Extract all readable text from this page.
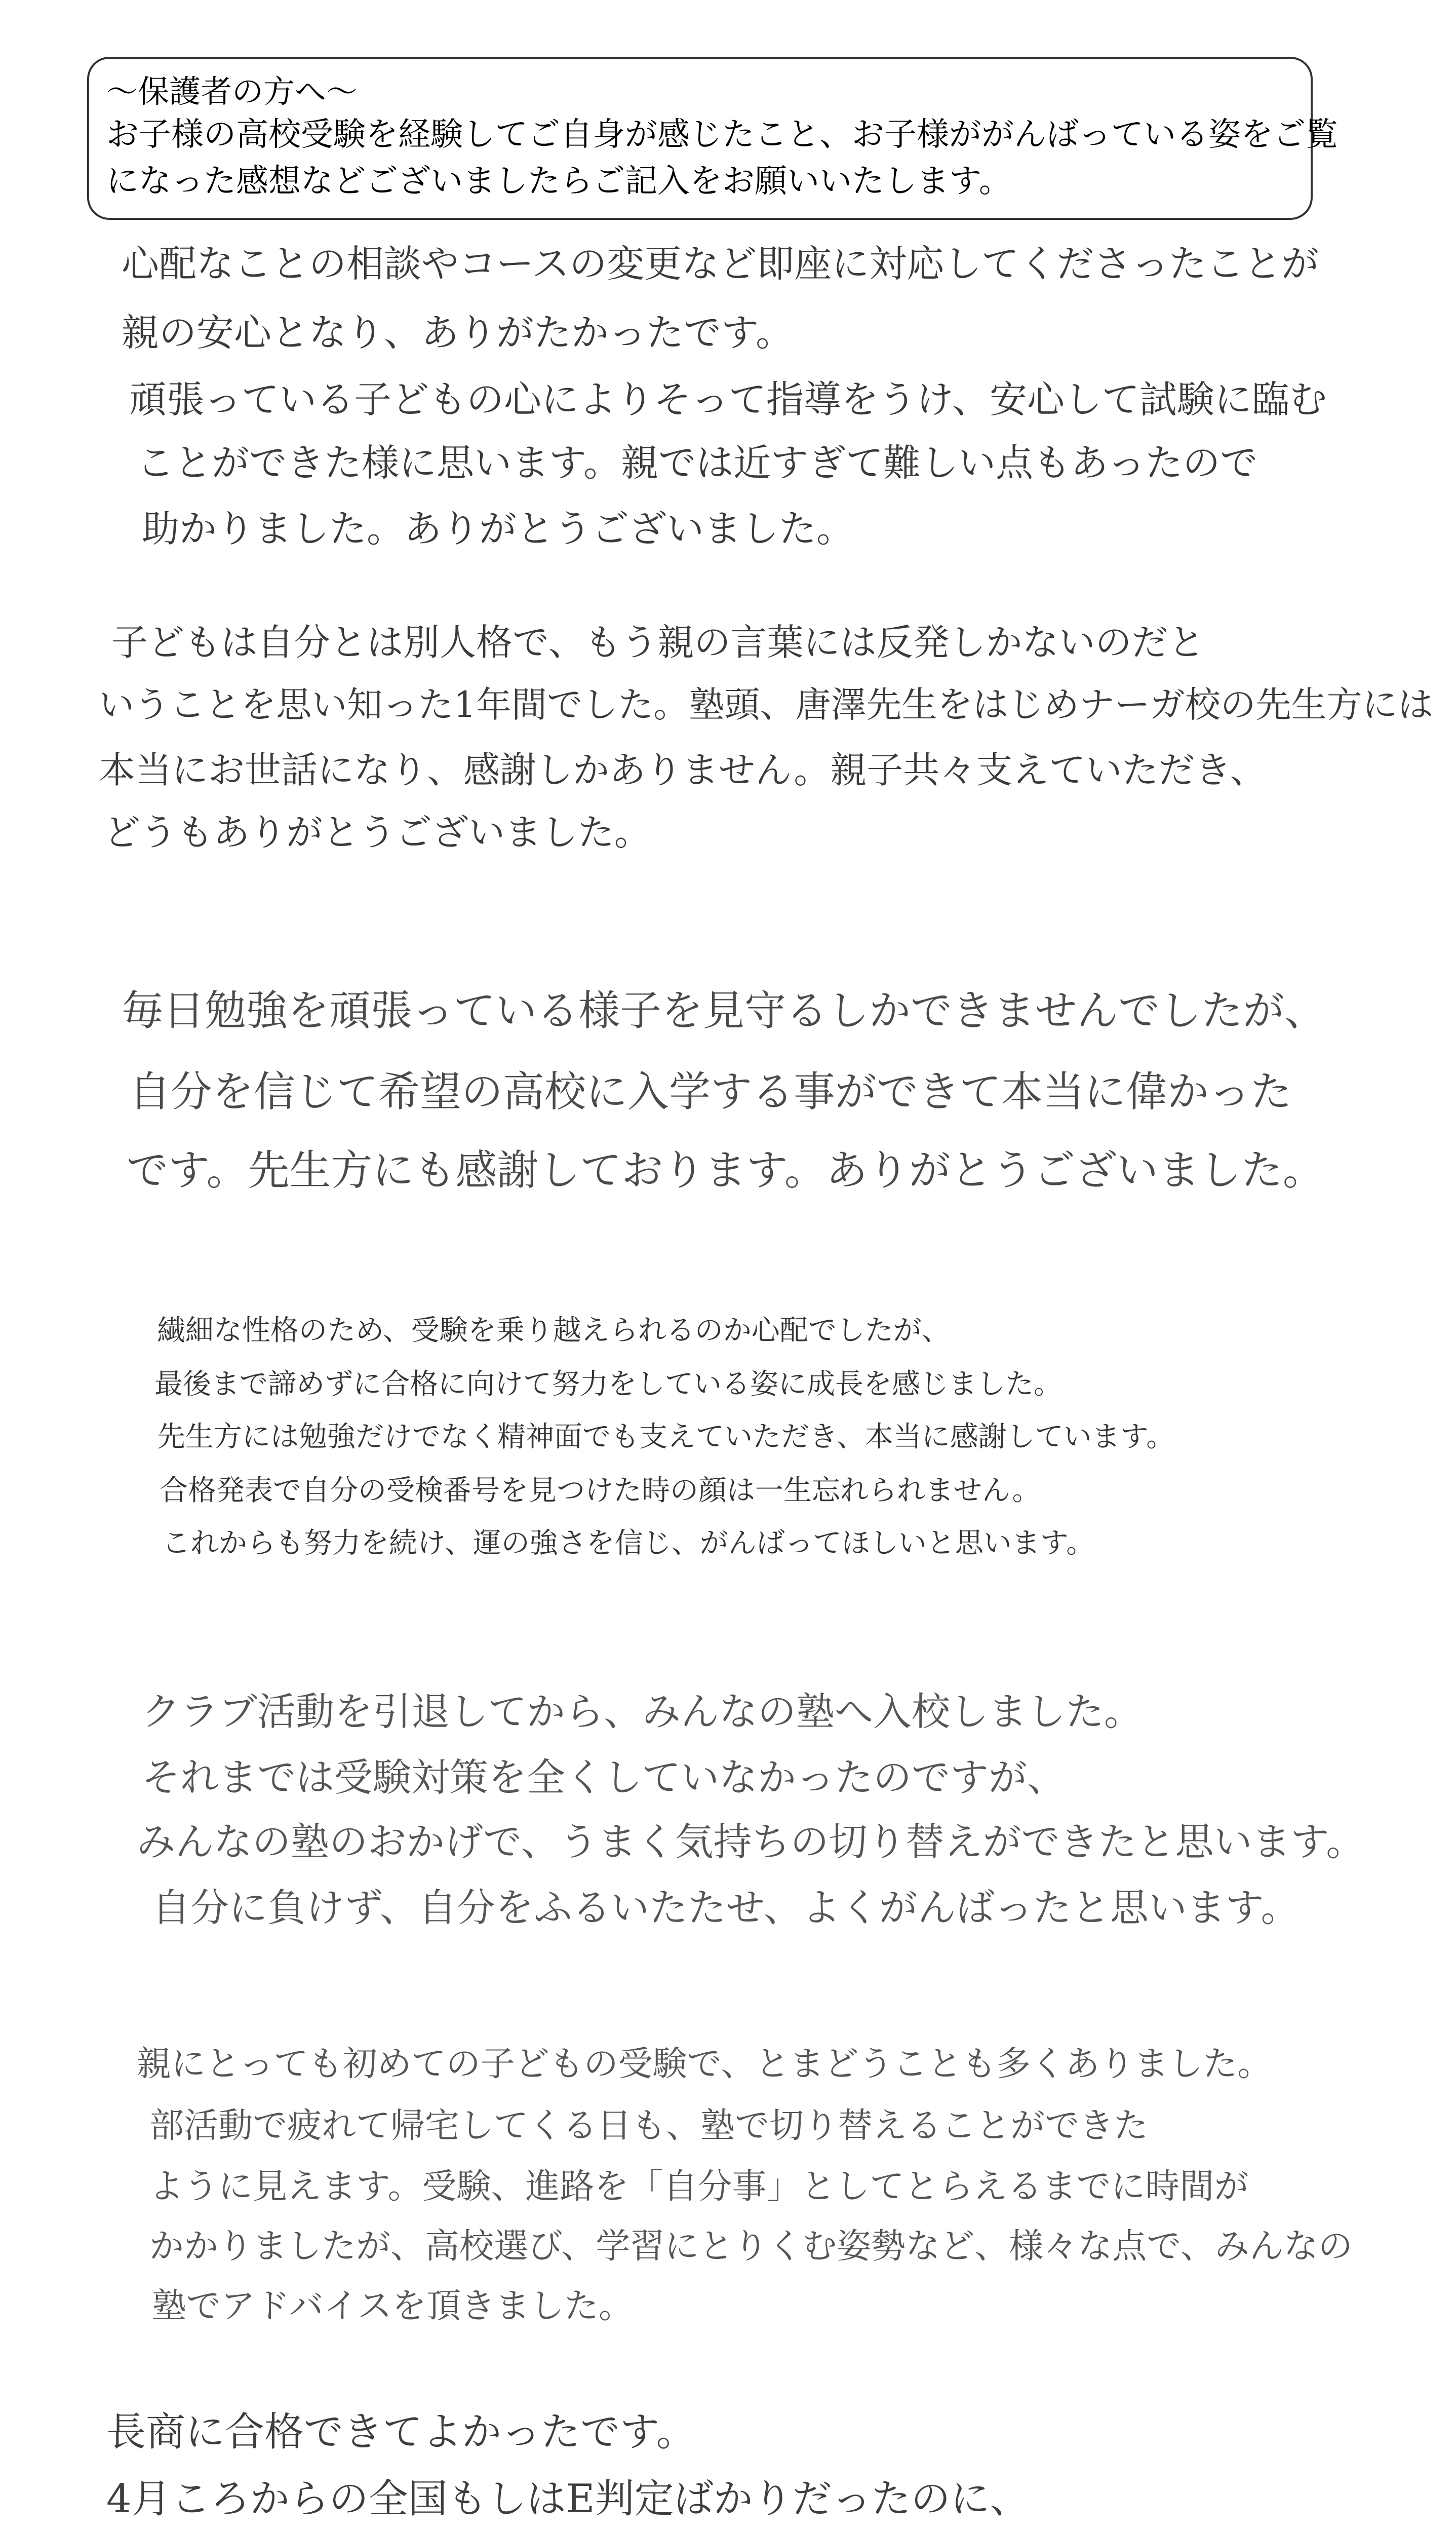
～保護者の方へ～
お子様の高校受験を経験してご自身が感じたこと、お子様ががんばっている姿をご覧
になった感想などございましたらご記入をお願いいたします。
心配なことの相談やコースの変更など即座に対応してくださったことが
親の安心となり、ありがたかったです。
頑張っている子どもの心によりそって指導をうけ、安心して試験に臨む
ことができた様に思います。親では近すぎて難しい点もあったので
助かりました。ありがとうございました。
子どもは自分とは別人格で、もう親の言葉には反発しかないのだと
いうことを思い知った1年間でした。塾頭、唐澤先生をはじめナーガ校の先生方には
本当にお世話になり、感謝しかありません。親子共々支えていただき、
どうもありがとうございました。
毎日勉強を頑張っている様子を見守るしかできませんでしたが、
自分を信じて希望の高校に入学する事ができて本当に偉かった
です。先生方にも感謝しております。ありがとうございました。
繊細な性格のため、受験を乗り越えられるのか心配でしたが、
最後まで諦めずに合格に向けて努力をしている姿に成長を感じました。
先生方には勉強だけでなく精神面でも支えていただき、本当に感謝しています。
合格発表で自分の受検番号を見つけた時の顔は一生忘れられません。
これからも努力を続け、運の強さを信じ、がんばってほしいと思います。
クラブ活動を引退してから、みんなの塾へ入校しました。
それまでは受験対策を全くしていなかったのですが、
みんなの塾のおかげで、うまく気持ちの切り替えができたと思います。
自分に負けず、自分をふるいたたせ、よくがんばったと思います。
親にとっても初めての子どもの受験で、とまどうことも多くありました。
部活動で疲れて帰宅してくる日も、塾で切り替えることができた
ように見えます。受験、進路を「自分事」としてとらえるまでに時間が
かかりましたが、高校選び、学習にとりくむ姿勢など、様々な点で、みんなの
塾でアドバイスを頂きました。
長商に合格できてよかったです。
4月ころからの全国もしはE判定ばかりだったのに、
